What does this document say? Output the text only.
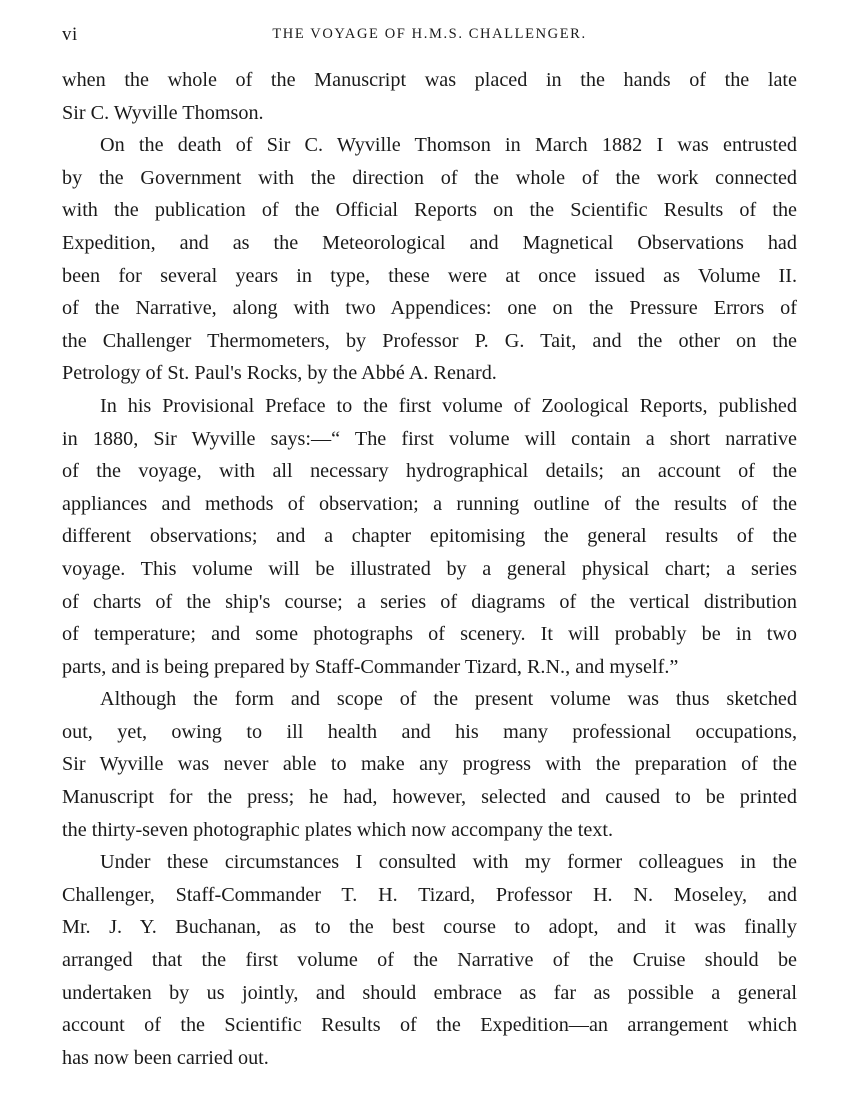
vi	THE VOYAGE OF H.M.S. CHALLENGER.
when the whole of the Manuscript was placed in the hands of the late
Sir C. Wyville Thomson.
On the death of Sir C. Wyville Thomson in March 1882 I was entrusted
by the Government with the direction of the whole of the work connected
with the publication of the Official Reports on the Scientific Results of the
Expedition, and as the Meteorological and Magnetical Observations had
been for several years in type, these were at once issued as Volume II.
of the Narrative, along with two Appendices: one on the Pressure Errors of
the Challenger Thermometers, by Professor P. G. Tait, and the other on the
Petrology of St. Paul's Rocks, by the Abbé A. Renard.
In his Provisional Preface to the first volume of Zoological Reports, published
in 1880, Sir Wyville says:—“ The first volume will contain a short narrative
of the voyage, with all necessary hydrographical details; an account of the
appliances and methods of observation; a running outline of the results of the
different observations; and a chapter epitomising the general results of the
voyage. This volume will be illustrated by a general physical chart; a series
of charts of the ship's course; a series of diagrams of the vertical distribution
of temperature; and some photographs of scenery. It will probably be in two
parts, and is being prepared by Staff-Commander Tizard, R.N., and myself.”
Although the form and scope of the present volume was thus sketched
out, yet, owing to ill health and his many professional occupations,
Sir Wyville was never able to make any progress with the preparation of the
Manuscript for the press; he had, however, selected and caused to be printed
the thirty-seven photographic plates which now accompany the text.
Under these circumstances I consulted with my former colleagues in the
Challenger, Staff-Commander T. H. Tizard, Professor H. N. Moseley, and
Mr. J. Y. Buchanan, as to the best course to adopt, and it was finally
arranged that the first volume of the Narrative of the Cruise should be
undertaken by us jointly, and should embrace as far as possible a general
account of the Scientific Results of the Expedition—an arrangement which
has now been carried out.
